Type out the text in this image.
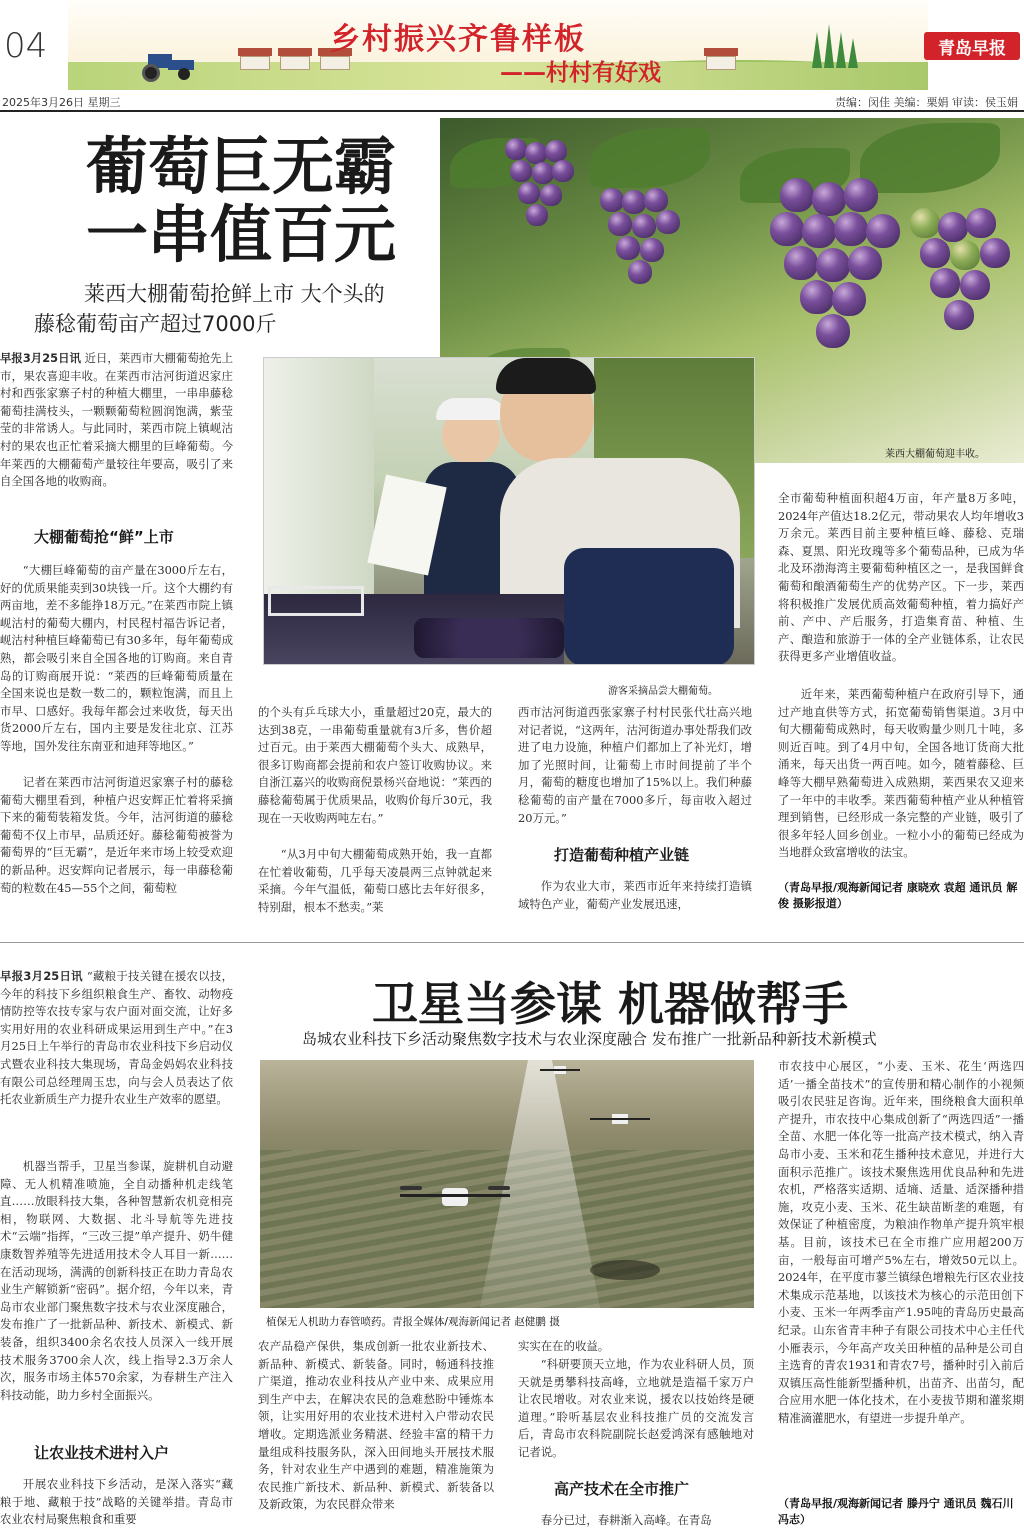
04	乡村振兴齐鲁样板
——村村有好戏
青岛早报
2025年3月26日 星期三	责编：闵佳 美编：栗娟 审读：侯玉娟
葡萄巨无霸
一串值百元
莱西大棚葡萄抢鲜上市 大个头的
藤稔葡萄亩产超过7000斤
莱西大棚葡萄迎丰收。
游客采摘品尝大棚葡萄。
早报3月25日讯 近日，莱西市大棚葡萄抢先上市，果农喜迎丰收。在莱西市沽河街道迟家庄村和西张家寨子村的种植大棚里，一串串藤稔葡萄挂满枝头，一颗颗葡萄粒圆润饱满，紫莹莹的非常诱人。与此同时，莱西市院上镇岘沽村的果农也正忙着采摘大棚里的巨峰葡萄。今年莱西的大棚葡萄产量较往年要高，吸引了来自全国各地的收购商。
大棚葡萄抢“鲜”上市
“大棚巨峰葡萄的亩产量在3000斤左右，好的优质果能卖到30块钱一斤。这个大棚约有两亩地，差不多能挣18万元。”在莱西市院上镇岘沽村的葡萄大棚内，村民程村福告诉记者，岘沽村种植巨峰葡萄已有30多年，每年葡萄成熟，都会吸引来自全国各地的订购商。来自青岛的订购商展开说：“莱西的巨峰葡萄质量在全国来说也是数一数二的，颗粒饱满，而且上市早、口感好。我每年都会过来收货，每天出货2000斤左右，国内主要是发往北京、江苏等地，国外发往东南亚和迪拜等地区。”
记者在莱西市沽河街道迟家寨子村的藤稔葡萄大棚里看到，种植户迟安辉正忙着将采摘下来的葡萄装箱发货。今年，沽河街道的藤稔葡萄不仅上市早，品质还好。藤稔葡萄被誉为葡萄界的“巨无霸”，是近年来市场上较受欢迎的新品种。迟安辉向记者展示，每一串藤稔葡萄的粒数在45—55个之间，葡萄粒
的个头有乒乓球大小，重量超过20克，最大的达到38克，一串葡萄重量就有3斤多，售价超过百元。由于莱西大棚葡萄个头大、成熟早，很多订购商都会提前和农户签订收购协议。来自浙江嘉兴的收购商倪景杨兴奋地说：“莱西的藤稔葡萄属于优质果品，收购价每斤30元，我现在一天收购两吨左右。”
“从3月中旬大棚葡萄成熟开始，我一直都在忙着收葡萄，几乎每天凌晨两三点钟就起来采摘。今年气温低，葡萄口感比去年好很多，特别甜，根本不愁卖。”莱
西市沽河街道西张家寨子村村民张代壮高兴地对记者说，“这两年，沽河街道办事处帮我们改进了电力设施，种植户们都加上了补光灯，增加了光照时间，让葡萄上市时间提前了半个月，葡萄的糖度也增加了15%以上。我们种藤稔葡萄的亩产量在7000多斤，每亩收入超过20万元。”
打造葡萄种植产业链
作为农业大市，莱西市近年来持续打造镇域特色产业，葡萄产业发展迅速，
全市葡萄种植面积超4万亩，年产量8万多吨，2024年产值达18.2亿元，带动果农人均年增收3万余元。莱西目前主要种植巨峰、藤稔、克瑞森、夏黑、阳光玫瑰等多个葡萄品种，已成为华北及环渤海湾主要葡萄种植区之一，是我国鲜食葡萄和酿酒葡萄生产的优势产区。下一步，莱西将积极推广发展优质高效葡萄种植，着力搞好产前、产中、产后服务，打造集育苗、种植、生产、酿造和旅游于一体的全产业链体系，让农民获得更多产业增值收益。
近年来，莱西葡萄种植户在政府引导下，通过产地直供等方式，拓宽葡萄销售渠道。3月中旬大棚葡萄成熟时，每天收购量少则几十吨，多则近百吨。到了4月中旬，全国各地订货商大批涌来，每天出货一两百吨。如今，随着藤稔、巨峰等大棚早熟葡萄进入成熟期，莱西果农又迎来了一年中的丰收季。莱西葡萄种植产业从种植管理到销售，已经形成一条完整的产业链，吸引了很多年轻人回乡创业。一粒小小的葡萄已经成为当地群众致富增收的法宝。
（青岛早报/观海新闻记者 康晓欢 袁超 通讯员 解俊 摄影报道）
卫星当参谋 机器做帮手
岛城农业科技下乡活动聚焦数字技术与农业深度融合 发布推广一批新品种新技术新模式
植保无人机助力春管喷药。青报全媒体/观海新闻记者 赵健鹏 摄
早报3月25日讯 “藏粮于技关键在援农以技，今年的科技下乡组织粮食生产、畜牧、动物疫情防控等农技专家与农户面对面交流，让好多实用好用的农业科研成果运用到生产中。”在3月25日上午举行的青岛市农业科技下乡启动仪式暨农业科技大集现场，青岛金妈妈农业科技有限公司总经理周玉忠，向与会人员表达了依托农业新质生产力提升农业生产效率的愿望。
机器当帮手，卫星当参谋，旋耕机自动避障、无人机精准喷施，全自动播种机走线笔直……放眼科技大集，各种智慧新农机竞相亮相，物联网、大数据、北斗导航等先进技术“云端”指挥，“三改三提”单产提升、奶牛健康数智养殖等先进适用技术令人耳目一新……在活动现场，满满的创新科技正在助力青岛农业生产解锁新“密码”。据介绍，今年以来，青岛市农业部门聚焦数字技术与农业深度融合，发布推广了一批新品种、新技术、新模式、新装备，组织3400余名农技人员深入一线开展技术服务3700余人次，线上指导2.3万余人次，服务市场主体570余家，为春耕生产注入科技动能，助力乡村全面振兴。
让农业技术进村入户
开展农业科技下乡活动，是深入落实“藏粮于地、藏粮于技”战略的关键举措。青岛市农业农村局聚焦粮食和重要
农产品稳产保供，集成创新一批农业新技术、新品种、新模式、新装备。同时，畅通科技推广渠道，推动农业科技从产业中来、成果应用到生产中去，在解决农民的急难愁盼中锤炼本领，让实用好用的农业技术进村入户带动农民增收。定期选派业务精湛、经验丰富的精干力量组成科技服务队，深入田间地头开展技术服务，针对农业生产中遇到的难题，精准施策为农民推广新技术、新品种、新模式、新装备以及新政策，为农民群众带来
实实在在的收益。
“科研要顶天立地，作为农业科研人员，顶天就是勇攀科技高峰，立地就是造福千家万户让农民增收。对农业来说，援农以技始终是硬道理。”聆听基层农业科技推广员的交流发言后，青岛市农科院副院长赵爱鸿深有感触地对记者说。
高产技术在全市推广
春分已过，春耕渐入高峰。在青岛
市农技中心展区，“小麦、玉米、花生‘两选四适’一播全苗技术”的宣传册和精心制作的小视频吸引农民驻足咨询。近年来，围绕粮食大面积单产提升，市农技中心集成创新了“两选四适”一播全苗、水肥一体化等一批高产技术模式，纳入青岛市小麦、玉米和花生播种技术意见，并进行大面积示范推广。该技术聚焦选用优良品种和先进农机，严格落实适期、适墒、适量、适深播种措施，攻克小麦、玉米、花生缺苗断垄的难题，有效保证了种植密度，为粮油作物单产提升筑牢根基。目前，该技术已在全市推广应用超200万亩，一般每亩可增产5%左右，增效50元以上。2024年，在平度市蓼兰镇绿色增粮先行区农业技术集成示范基地，以该技术为核心的示范田创下小麦、玉米一年两季亩产1.95吨的青岛历史最高纪录。山东省青丰种子有限公司技术中心主任代小雁表示，今年高产攻关田种植的品种是公司自主选育的青农1931和青农7号，播种时引入前后双镇压高性能新型播种机，出苗齐、出苗匀，配合应用水肥一体化技术，在小麦拔节期和灌浆期精准滴灌肥水，有望进一步提升单产。
（青岛早报/观海新闻记者 滕丹宁 通讯员 魏石川 冯志）
